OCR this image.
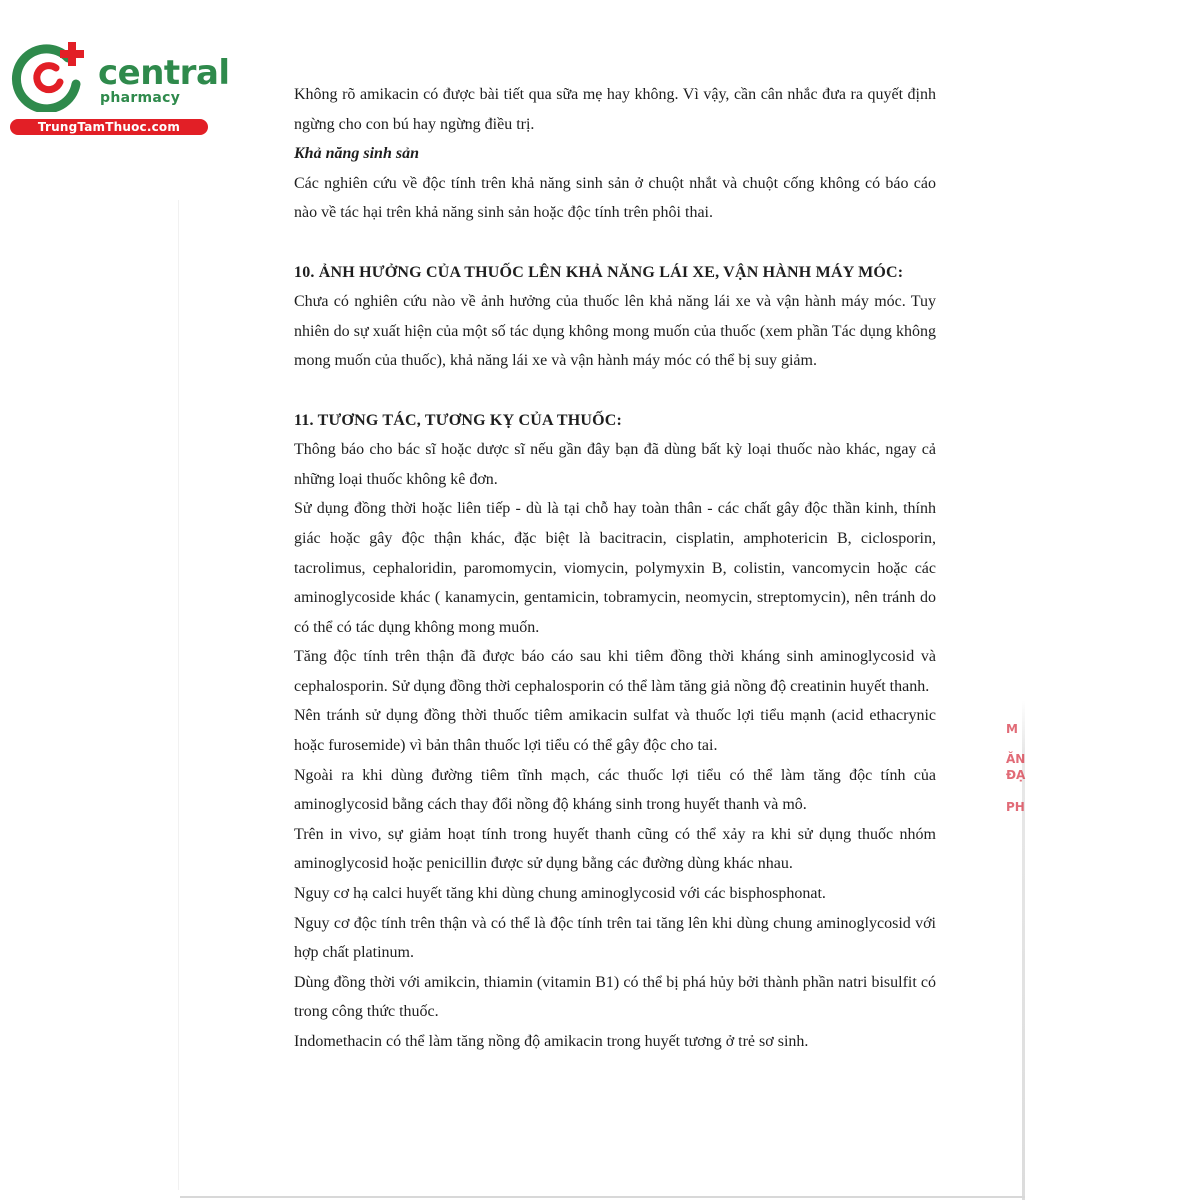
central
pharmacy
TrungTamThuoc.com

Không rõ amikacin có được bài tiết qua sữa mẹ hay không. Vì vậy, cần cân nhắc đưa ra quyết định ngừng cho con bú hay ngừng điều trị.

Khả năng sinh sản

Các nghiên cứu về độc tính trên khả năng sinh sản ở chuột nhắt và chuột cống không có báo cáo nào về tác hại trên khả năng sinh sản hoặc độc tính trên phôi thai.

10. ẢNH HƯỞNG CỦA THUỐC LÊN KHẢ NĂNG LÁI XE, VẬN HÀNH MÁY MÓC:

Chưa có nghiên cứu nào về ảnh hưởng của thuốc lên khả năng lái xe và vận hành máy móc. Tuy nhiên do sự xuất hiện của một số tác dụng không mong muốn của thuốc (xem phần Tác dụng không mong muốn của thuốc), khả năng lái xe và vận hành máy móc có thể bị suy giảm.

11. TƯƠNG TÁC, TƯƠNG KỴ CỦA THUỐC:

Thông báo cho bác sĩ hoặc dược sĩ nếu gần đây bạn đã dùng bất kỳ loại thuốc nào khác, ngay cả những loại thuốc không kê đơn.

Sử dụng đồng thời hoặc liên tiếp - dù là tại chỗ hay toàn thân - các chất gây độc thần kinh, thính giác hoặc gây độc thận khác, đặc biệt là bacitracin, cisplatin, amphotericin B, ciclosporin, tacrolimus, cephaloridin, paromomycin, viomycin, polymyxin B, colistin, vancomycin hoặc các aminoglycoside khác ( kanamycin, gentamicin, tobramycin, neomycin, streptomycin), nên tránh do có thể có tác dụng không mong muốn.

Tăng độc tính trên thận đã được báo cáo sau khi tiêm đồng thời kháng sinh aminoglycosid và cephalosporin. Sử dụng đồng thời cephalosporin có thể làm tăng giả nồng độ creatinin huyết thanh.

Nên tránh sử dụng đồng thời thuốc tiêm amikacin sulfat và thuốc lợi tiểu mạnh (acid ethacrynic hoặc furosemide) vì bản thân thuốc lợi tiểu có thể gây độc cho tai.

Ngoài ra khi dùng đường tiêm tĩnh mạch, các thuốc lợi tiểu có thể làm tăng độc tính của aminoglycosid bằng cách thay đổi nồng độ kháng sinh trong huyết thanh và mô.

Trên in vivo, sự giảm hoạt tính trong huyết thanh cũng có thể xảy ra khi sử dụng thuốc nhóm aminoglycosid hoặc penicillin được sử dụng bằng các đường dùng khác nhau.

Nguy cơ hạ calci huyết tăng khi dùng chung aminoglycosid với các bisphosphonat.

Nguy cơ độc tính trên thận và có thể là độc tính trên tai tăng lên khi dùng chung aminoglycosid với hợp chất platinum.

Dùng đồng thời với amikcin, thiamin (vitamin B1) có thể bị phá hủy bởi thành phần natri bisulfit có trong công thức thuốc.

Indomethacin có thể làm tăng nồng độ amikacin trong huyết tương ở trẻ sơ sinh.

M
ĂN
ĐẠ
PH
